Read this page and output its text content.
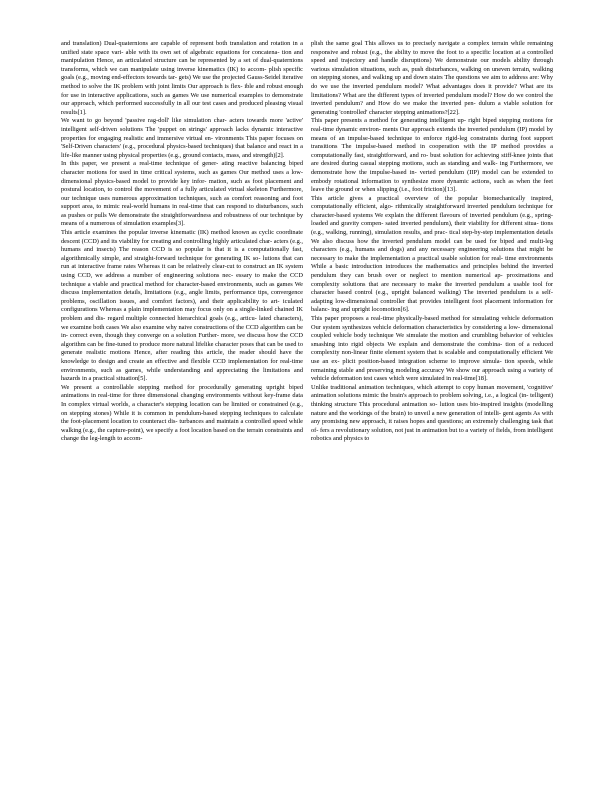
and translation) Dual-quaternions are capable of represent both translation and rotation in a unified state space vari- able with its own set of algebraic equations for concatena- tion and manipulation Hence, an articulated structure can be represented by a set of dual-quaternions transforms, which we can manipulate using inverse kinematics (IK) to accom- plish specific goals (e.g., moving end-effectors towards tar- gets) We use the projected Gauss-Seidel iterative method to solve the IK problem with joint limits Our approach is flex- ible and robust enough for use in interactive applications, such as games We use numerical examples to demonstrate our approach, which performed successfully in all our test cases and produced pleasing visual results[1].

We want to go beyond 'passive rag-doll' like simulation char- acters towards more 'active' intelligent self-driven solutions The 'puppet on strings' approach lacks dynamic interactive properties for engaging realistic and immersive virtual en- vironments This paper focuses on 'Self-Driven characters' (e.g., procedural physics-based techniques) that balance and react in a life-like manner using physical properties (e.g., ground contacts, mass, and strength)[2].

In this paper, we present a real-time technique of gener- ating reactive balancing biped character motions for used in time critical systems, such as games Our method uses a low-dimensional physics-based model to provide key infor- mation, such as foot placement and postural location, to control the movement of a fully articulated virtual skeleton Furthermore, our technique uses numerous approximation techniques, such as comfort reasoning and foot support area, to mimic real-world humans in real-time that can respond to disturbances, such as pushes or pulls We demonstrate the straightforwardness and robustness of our technique by means of a numerous of simulation examples[3].

This article examines the popular inverse kinematic (IK) method known as cyclic coordinate descent (CCD) and its viability for creating and controlling highly articulated char- acters (e.g., humans and insects) The reason CCD is so popular is that it is a computationally fast, algorithmically simple, and straight-forward technique for generating IK so- lutions that can run at interactive frame rates Whereas it can be relatively clear-cut to construct an IK system using CCD, we address a number of engineering solutions nec- essary to make the CCD technique a viable and practical method for character-based environments, such as games We discuss implementation details, limitations (e.g., angle limits, performance tips, convergence problems, oscillation issues, and comfort factors), and their applicability to art- iculated configurations Whereas a plain implementation may focus only on a single-linked chained IK problem and dis- regard multiple connected hierarchical goals (e.g., articu- lated characters), we examine both cases We also examine why naive constructions of the CCD algorithm can be in- correct even, though they converge on a solution Further- more, we discuss how the CCD algorithm can be fine-tuned to produce more natural lifelike character poses that can be used to generate realistic motions Hence, after reading this article, the reader should have the knowledge to design and create an effective and flexible CCD implementation for real-time environments, such as games, while understanding and appreciating the limitations and hazards in a practical situation[5].

We present a controllable stepping method for procedurally generating upright biped animations in real-time for three dimensional changing environments without key-frame data In complex virtual worlds, a character's stepping location can be limited or constrained (e.g., on stepping stones) While it is common in pendulum-based stepping techniques to calculate the foot-placement location to counteract dis- turbances and maintain a controlled speed while walking (e.g., the capture-point), we specify a foot location based on the terrain constraints and change the leg-length to accom-

plish the same goal This allows us to precisely navigate a complex terrain while remaining responsive and robust (e.g., the ability to move the foot to a specific location at a controlled speed and trajectory and handle disruptions) We demonstrate our models ability through various simulation situations, such as, push disturbances, walking on uneven terrain, walking on stepping stones, and walking up and down stairs The questions we aim to address are: Why do we use the inverted pendulum model? What advantages does it provide? What are its limitations? What are the different types of inverted pendulum model? How do we control the inverted pendulum? and How do we make the inverted pen- dulum a viable solution for generating 'controlled' character stepping animations?[22].

This paper presents a method for generating intelligent up- right biped stepping motions for real-time dynamic environ- ments Our approach extends the inverted pendulum (IP) model by means of an impulse-based technique to enforce rigid-leg constraints during foot support transitions The impulse-based method in cooperation with the IP method provides a computationally fast, straightforward, and ro- bust solution for achieving stiff-knee joints that are desired during casual stepping motions, such as standing and walk- ing Furthermore, we demonstrate how the impulse-based in- verted pendulum (IIP) model can be extended to embody rotational information to synthesize more dynamic actions, such as when the feet leave the ground or when slipping (i.e., foot friction)[13].

This article gives a practical overview of the popular biomechanically inspired, computationally efficient, algo- rithmically straightforward inverted pendulum technique for character-based systems We explain the different flavours of inverted pendulum (e.g., spring-loaded and gravity compen- sated inverted pendulum), their viability for different situa- tions (e.g., walking, running), simulation results, and prac- tical step-by-step implementation details We also discuss how the inverted pendulum model can be used for biped and multi-leg characters (e.g., humans and dogs) and any necessary engineering solutions that might be necessary to make the implementation a practical usable solution for real- time environments While a basic introduction introduces the mathematics and principles behind the inverted pendulum they can brush over or neglect to mention numerical ap- proximations and complexity solutions that are necessary to make the inverted pendulum a usable tool for character based control (e.g., upright balanced walking) The inverted pendulum is a self-adapting low-dimensional controller that provides intelligent foot placement information for balanc- ing and upright locomotion[6].

This paper proposes a real-time physically-based method for simulating vehicle deformation Our system synthesizes vehicle deformation characteristics by considering a low- dimensional coupled vehicle body technique We simulate the motion and crumbling behavior of vehicles smashing into rigid objects We explain and demonstrate the combina- tion of a reduced complexity non-linear finite element system that is scalable and computationally efficient We use an ex- plicit position-based integration scheme to improve simula- tion speeds, while remaining stable and preserving modeling accuracy We show our approach using a variety of vehicle deformation test cases which were simulated in real-time[18].

Unlike traditional animation techniques, which attempt to copy human movement, 'cognitive' animation solutions mimic the brain's approach to problem solving, i.e., a logical (in- telligent) thinking structure This procedural animation so- lution uses bio-inspired insights (modelling nature and the workings of the brain) to unveil a new generation of intelli- gent agents As with any promising new approach, it raises hopes and questions; an extremely challenging task that of- fers a revolutionary solution, not just in animation but to a variety of fields, from intelligent robotics and physics to
